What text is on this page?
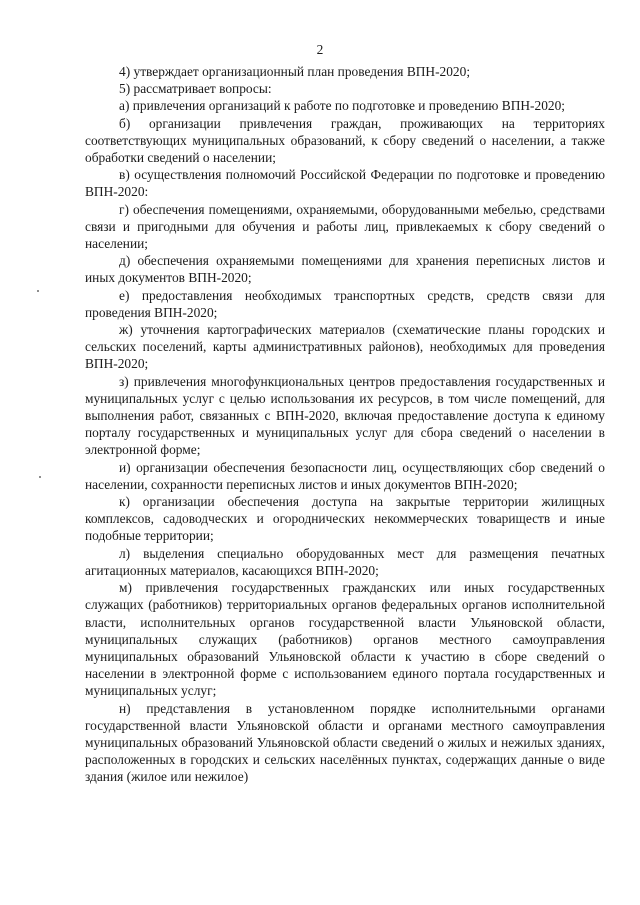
2

4) утверждает организационный план проведения ВПН-2020;

5) рассматривает вопросы:

а) привлечения организаций к работе по подготовке и проведению ВПН-2020;

б) организации привлечения граждан, проживающих на территориях соответствующих муниципальных образований, к сбору сведений о населении, а также обработки сведений о населении;

в) осуществления полномочий Российской Федерации по подготовке и проведению ВПН-2020:

г) обеспечения помещениями, охраняемыми, оборудованными мебелью, средствами связи и пригодными для обучения и работы лиц, привлекаемых к сбору сведений о населении;

д) обеспечения охраняемыми помещениями для хранения переписных листов и иных документов ВПН-2020;

е) предоставления необходимых транспортных средств, средств связи для проведения ВПН-2020;

ж) уточнения картографических материалов (схематические планы городских и сельских поселений, карты административных районов), необходимых для проведения ВПН-2020;

з) привлечения многофункциональных центров предоставления государственных и муниципальных услуг с целью использования их ресурсов, в том числе помещений, для выполнения работ, связанных с ВПН-2020, включая предоставление доступа к единому порталу государственных и муниципальных услуг для сбора сведений о населении в электронной форме;

и) организации обеспечения безопасности лиц, осуществляющих сбор сведений о населении, сохранности переписных листов и иных документов ВПН-2020;

к) организации обеспечения доступа на закрытые территории жилищных комплексов, садоводческих и огороднических некоммерческих товариществ и иные подобные территории;

л) выделения специально оборудованных мест для размещения печатных агитационных материалов, касающихся ВПН-2020;

м) привлечения государственных гражданских или иных государственных служащих (работников) территориальных органов федеральных органов исполнительной власти, исполнительных органов государственной власти Ульяновской области, муниципальных служащих (работников) органов местного самоуправления муниципальных образований Ульяновской области к участию в сборе сведений о населении в электронной форме с использованием единого портала государственных и муниципальных услуг;

н) представления в установленном порядке исполнительными органами государственной власти Ульяновской области и органами местного самоуправления муниципальных образований Ульяновской области сведений о жилых и нежилых зданиях, расположенных в городских и сельских населённых пунктах, содержащих данные о виде здания (жилое или нежилое)
